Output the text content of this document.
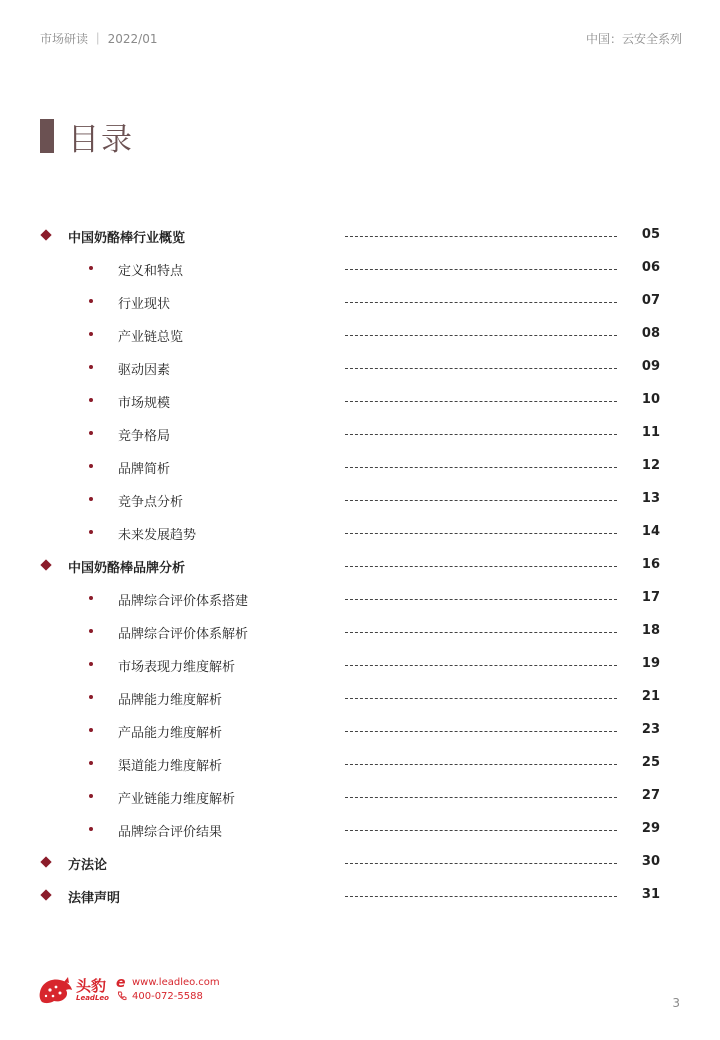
市场研读 ｜ 2022/01	中国：云安全系列
目录
中国奶酪棒行业概览	05
定义和特点	06
行业现状	07
产业链总览	08
驱动因素	09
市场规模	10
竞争格局	11
品牌简析	12
竞争点分析	13
未来发展趋势	14
中国奶酪棒品牌分析	16
品牌综合评价体系搭建	17
品牌综合评价体系解析	18
市场表现力维度解析	19
品牌能力维度解析	21
产品能力维度解析	23
渠道能力维度解析	25
产业链能力维度解析	27
品牌综合评价结果	29
方法论	30
法律声明	31
头豹
LeadLeo
e www.leadleo.com
400-072-5588	3
